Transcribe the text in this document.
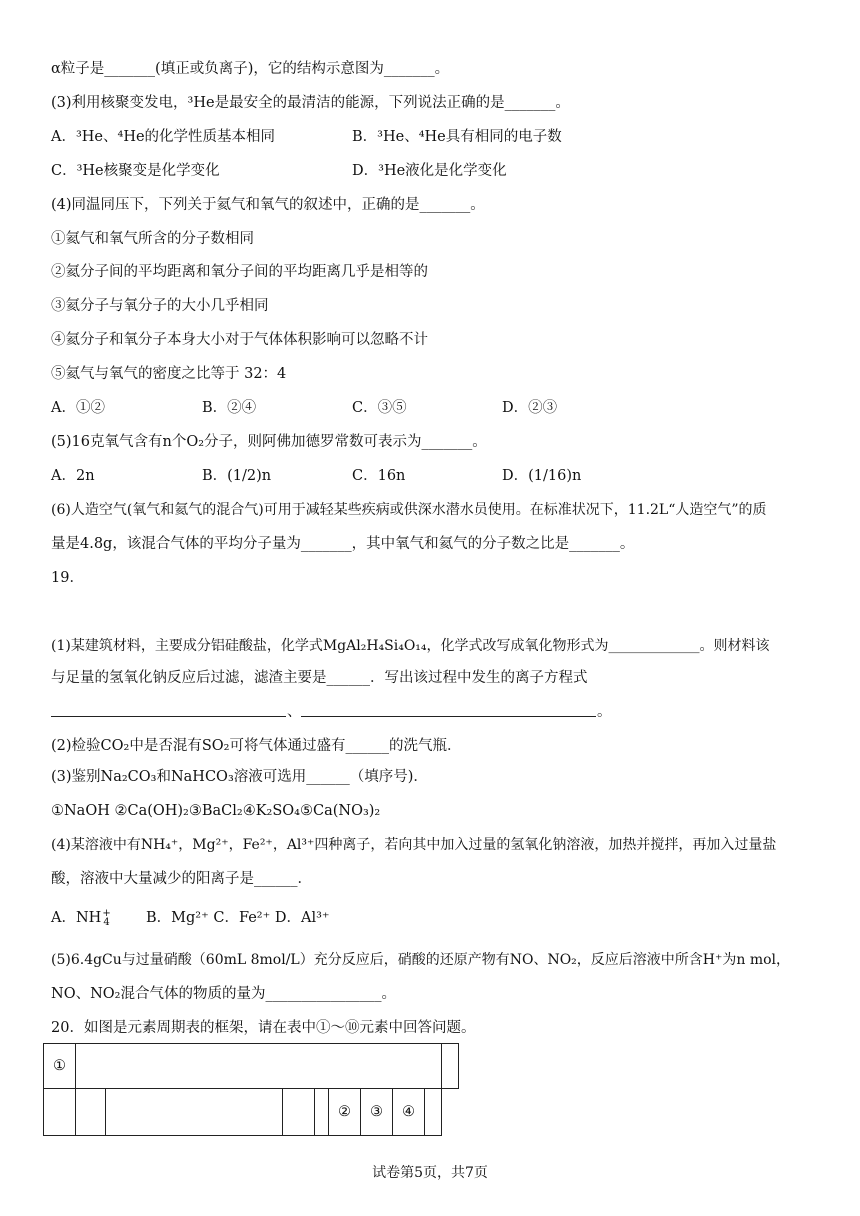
α粒子是_______(填正或负离子)，它的结构示意图为_______。
(3)利用核聚变发电，³He是最安全的最清洁的能源，下列说法正确的是_______。
A．³He、⁴He的化学性质基本相同	B．³He、⁴He具有相同的电子数
C．³He核聚变是化学变化	D．³He液化是化学变化
(4)同温同压下，下列关于氦气和氧气的叙述中，正确的是_______。
①氦气和氧气所含的分子数相同
②氦分子间的平均距离和氧分子间的平均距离几乎是相等的
③氦分子与氧分子的大小几乎相同
④氦分子和氧分子本身大小对于气体体积影响可以忽略不计
⑤氦气与氧气的密度之比等于 32：4
A．①②	B．②④	C．③⑤	D．②③
(5)16克氧气含有n个O₂分子，则阿佛加德罗常数可表示为_______。
A．2n	B．(1/2)n	C．16n	D．(1/16)n
(6)人造空气(氧气和氦气的混合气)可用于减轻某些疾病或供深水潜水员使用。在标准状况下，11.2L“人造空气”的质
量是4.8g，该混合气体的平均分子量为_______，其中氧气和氦气的分子数之比是_______。
19．
(1)某建筑材料，主要成分铝硅酸盐，化学式MgAl₂H₄Si₄O₁₄，化学式改写成氧化物形式为_____________。则材料该
与足量的氢氧化钠反应后过滤，滤渣主要是______．写出该过程中发生的离子方程式
、	。
(2)检验CO₂中是否混有SO₂可将气体通过盛有______的洗气瓶．
(3)鉴别Na₂CO₃和NaHCO₃溶液可选用______（填序号)．
①NaOH ②Ca(OH)₂③BaCl₂④K₂SO₄⑤Ca(NO₃)₂
(4)某溶液中有NH₄⁺，Mg²⁺，Fe²⁺，Al³⁺四种离子，若向其中加入过量的氢氧化钠溶液，加热并搅拌，再加入过量盐
酸，溶液中大量减少的阳离子是______．
A．NH +
4	B．Mg²⁺ C．Fe²⁺ D．Al³⁺
(5)6.4gCu与过量硝酸（60mL 8mol/L）充分反应后，硝酸的还原产物有NO、NO₂，反应后溶液中所含H⁺为n mol，
NO、NO₂混合气体的物质的量为________________。
20．如图是元素周期表的框架，请在表中①～⑩元素中回答问题。
①									
					②	③	④		
试卷第5页，共7页
